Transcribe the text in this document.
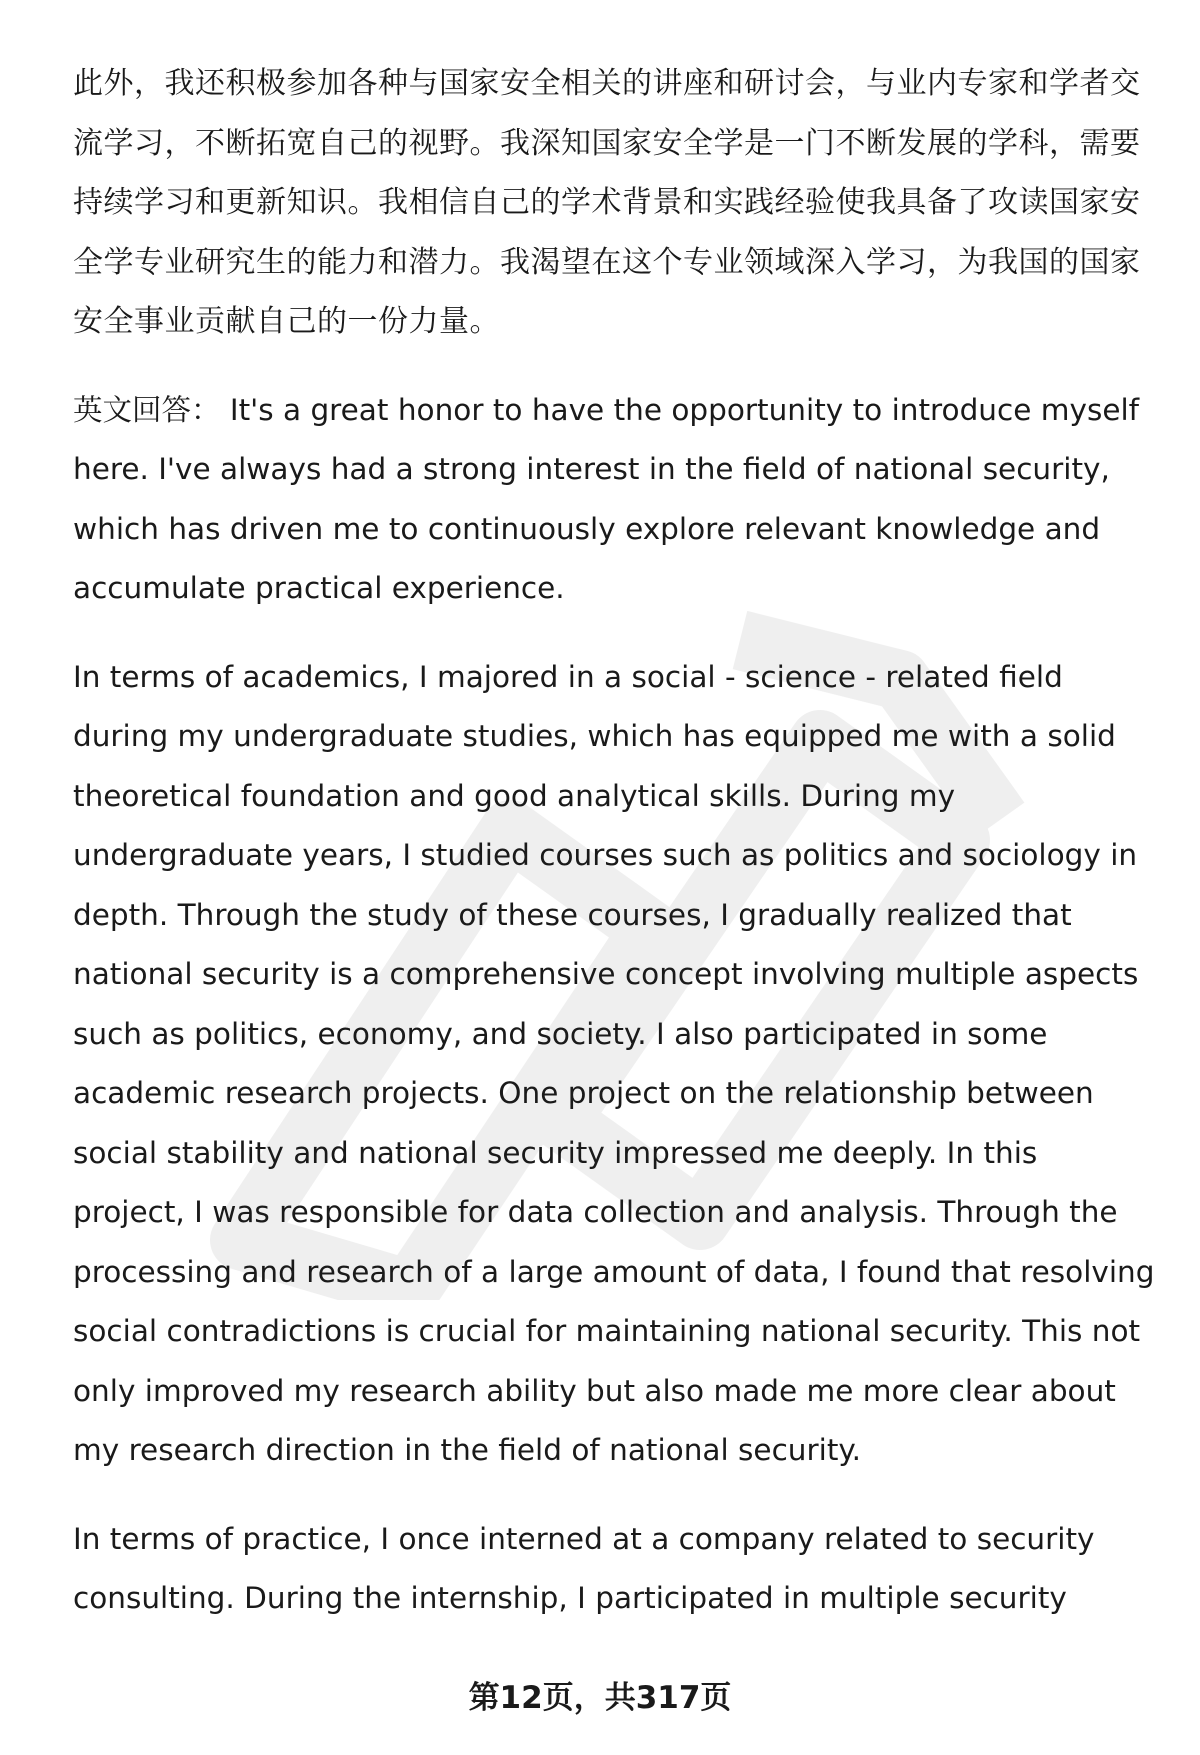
此外，我还积极参加各种与国家安全相关的讲座和研讨会，与业内专家和学者交流学习，不断拓宽自己的视野。我深知国家安全学是一门不断发展的学科，需要持续学习和更新知识。我相信自己的学术背景和实践经验使我具备了攻读国家安全学专业研究生的能力和潜力。我渴望在这个专业领域深入学习，为我国的国家安全事业贡献自己的一份力量。

英文回答： It's a great honor to have the opportunity to introduce myself here. I've always had a strong interest in the field of national security, which has driven me to continuously explore relevant knowledge and accumulate practical experience.

In terms of academics, I majored in a social - science - related field during my undergraduate studies, which has equipped me with a solid theoretical foundation and good analytical skills. During my undergraduate years, I studied courses such as politics and sociology in depth. Through the study of these courses, I gradually realized that national security is a comprehensive concept involving multiple aspects such as politics, economy, and society. I also participated in some academic research projects. One project on the relationship between social stability and national security impressed me deeply. In this project, I was responsible for data collection and analysis. Through the processing and research of a large amount of data, I found that resolving social contradictions is crucial for maintaining national security. This not only improved my research ability but also made me more clear about my research direction in the field of national security.

In terms of practice, I once interned at a company related to security consulting. During the internship, I participated in multiple security

第12页，共317页
